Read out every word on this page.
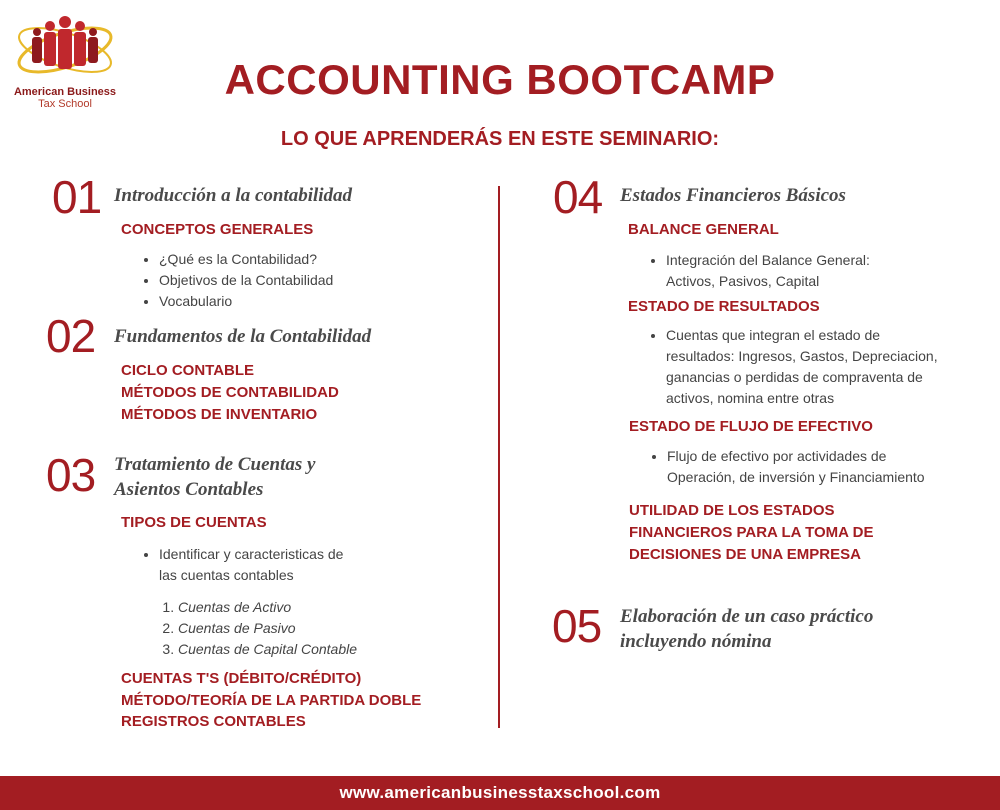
American Business
Tax School
ACCOUNTING BOOTCAMP
LO QUE APRENDERÁS EN ESTE SEMINARIO:
01 Introducción a la contabilidad
CONCEPTOS GENERALES
• ¿Qué es la Contabilidad?
• Objetivos de la Contabilidad
• Vocabulario
02 Fundamentos de la Contabilidad
CICLO CONTABLE
MÉTODOS DE CONTABILIDAD
MÉTODOS DE INVENTARIO
03 Tratamiento de Cuentas y
Asientos Contables
TIPOS DE CUENTAS
• Identificar y caracteristicas de
las cuentas contables
1. Cuentas de Activo
2. Cuentas de Pasivo
3. Cuentas de Capital Contable
CUENTAS T'S (DÉBITO/CRÉDITO)
MÉTODO/TEORÍA DE LA PARTIDA DOBLE
REGISTROS CONTABLES
04 Estados Financieros Básicos
BALANCE GENERAL
• Integración del Balance General:
Activos, Pasivos, Capital
ESTADO DE RESULTADOS
• Cuentas que integran el estado de
resultados: Ingresos, Gastos, Depreciacion,
ganancias o perdidas de compraventa de
activos, nomina entre otras
ESTADO DE FLUJO DE EFECTIVO
• Flujo de efectivo por actividades de
Operación, de inversión y Financiamiento
UTILIDAD DE LOS ESTADOS
FINANCIEROS PARA LA TOMA DE
DECISIONES DE UNA EMPRESA
05 Elaboración de un caso práctico
incluyendo nómina
www.americanbusinesstaxschool.com
